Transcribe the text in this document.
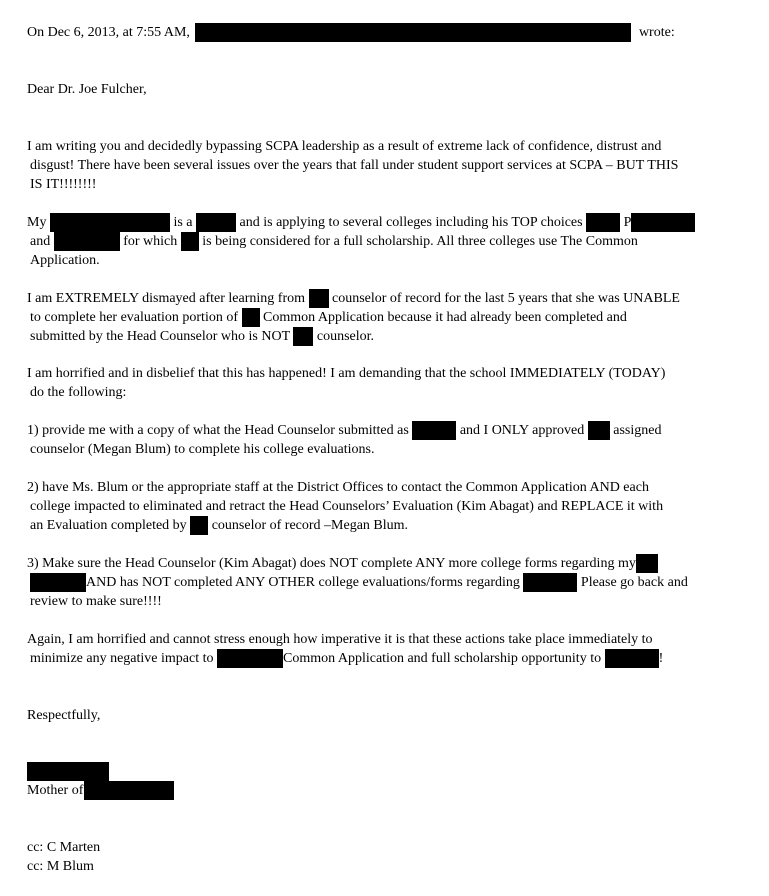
On Dec 6, 2013, at 7:55 AM,	wrote:
Dear Dr. Joe Fulcher,
I am writing you and decidedly bypassing SCPA leadership as a result of extreme lack of confidence, distrust and
disgust! There have been several issues over the years that fall under student support services at SCPA – BUT THIS
IS IT!!!!!!!!
My	is a	and is applying to several colleges including his TOP choices	P
and	for which is being considered for a full scholarship. All three colleges use The Common
Application.
I am EXTREMELY dismayed after learning from counselor of record for the last 5 years that she was UNABLE
to complete her evaluation portion of Common Application because it had already been completed and
submitted by the Head Counselor who is NOT counselor.
I am horrified and in disbelief that this has happened! I am demanding that the school IMMEDIATELY (TODAY)
do the following:
1) provide me with a copy of what the Head Counselor submitted as	and I ONLY approved assigned
counselor (Megan Blum) to complete his college evaluations.
2) have Ms. Blum or the appropriate staff at the District Offices to contact the Common Application AND each
college impacted to eliminated and retract the Head Counselors’ Evaluation (Kim Abagat) and REPLACE it with
an Evaluation completed by counselor of record –Megan Blum.
3) Make sure the Head Counselor (Kim Abagat) does NOT complete ANY more college forms regarding my
AND has NOT completed ANY OTHER college evaluations/forms regarding	Please go back and
review to make sure!!!!
Again, I am horrified and cannot stress enough how imperative it is that these actions take place immediately to
minimize any negative impact to	Common Application and full scholarship opportunity to	!
Respectfully,
Mother of
cc: C Marten
cc: M Blum
